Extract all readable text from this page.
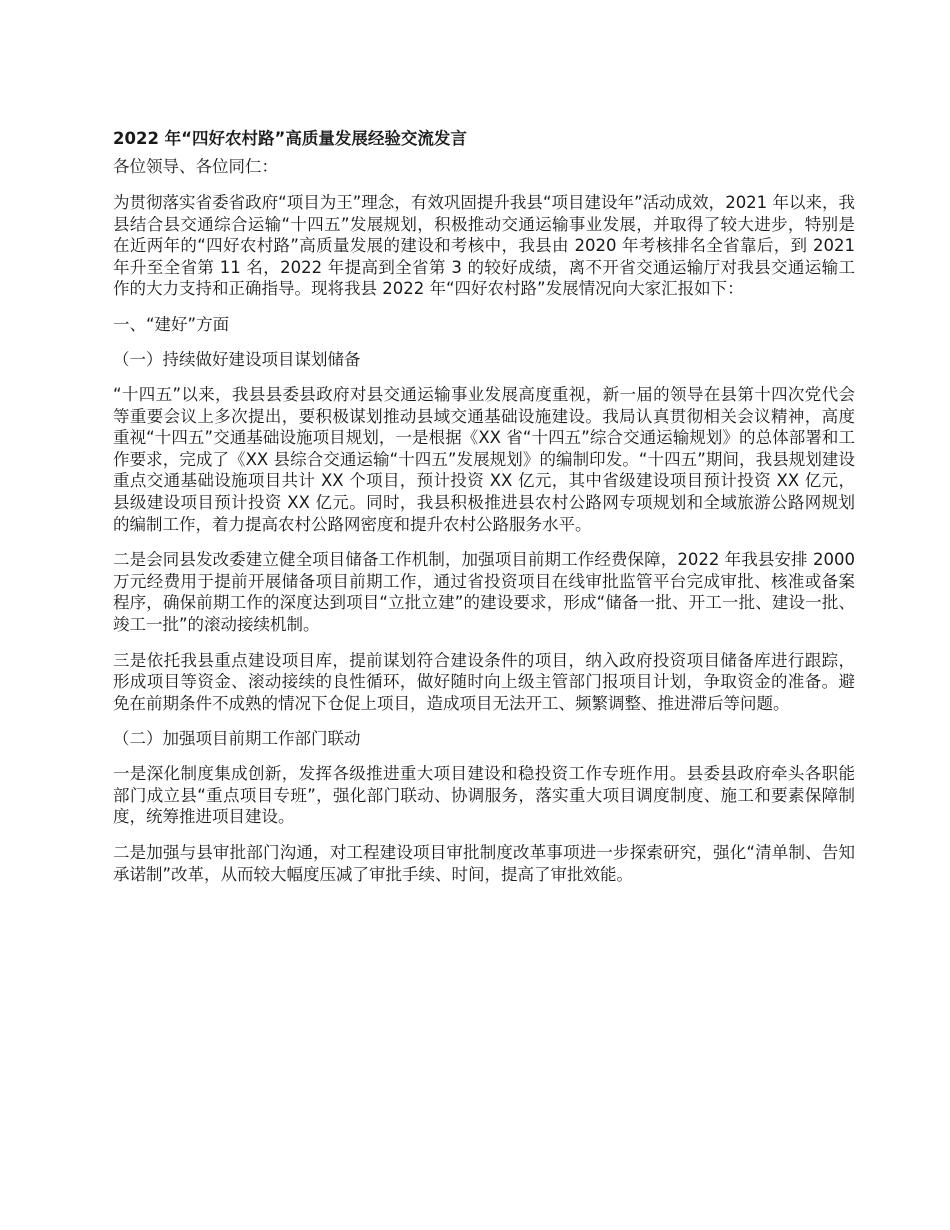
2022 年“四好农村路”高质量发展经验交流发言
各位领导、各位同仁：
为贯彻落实省委省政府“项目为王”理念，有效巩固提升我县“项目建设年”活动成效，2021 年以来，我县结合县交通综合运输“十四五”发展规划，积极推动交通运输事业发展，并取得了较大进步，特别是在近两年的“四好农村路”高质量发展的建设和考核中，我县由 2020 年考核排名全省靠后，到 2021 年升至全省第 11 名，2022 年提高到全省第 3 的较好成绩，离不开省交通运输厅对我县交通运输工作的大力支持和正确指导。现将我县 2022 年“四好农村路”发展情况向大家汇报如下：
一、“建好”方面
（一）持续做好建设项目谋划储备
“十四五”以来，我县县委县政府对县交通运输事业发展高度重视，新一届的领导在县第十四次党代会等重要会议上多次提出，要积极谋划推动县域交通基础设施建设。我局认真贯彻相关会议精神，高度重视“十四五”交通基础设施项目规划，一是根据《XX 省“十四五”综合交通运输规划》的总体部署和工作要求，完成了《XX 县综合交通运输“十四五”发展规划》的编制印发。“十四五”期间，我县规划建设重点交通基础设施项目共计 XX 个项目，预计投资 XX 亿元，其中省级建设项目预计投资 XX 亿元，县级建设项目预计投资 XX 亿元。同时，我县积极推进县农村公路网专项规划和全域旅游公路网规划的编制工作，着力提高农村公路网密度和提升农村公路服务水平。
二是会同县发改委建立健全项目储备工作机制，加强项目前期工作经费保障，2022 年我县安排 2000 万元经费用于提前开展储备项目前期工作，通过省投资项目在线审批监管平台完成审批、核准或备案程序，确保前期工作的深度达到项目“立批立建”的建设要求，形成“储备一批、开工一批、建设一批、竣工一批”的滚动接续机制。
三是依托我县重点建设项目库，提前谋划符合建设条件的项目，纳入政府投资项目储备库进行跟踪，形成项目等资金、滚动接续的良性循环，做好随时向上级主管部门报项目计划，争取资金的准备。避免在前期条件不成熟的情况下仓促上项目，造成项目无法开工、频繁调整、推进滞后等问题。
（二）加强项目前期工作部门联动
一是深化制度集成创新，发挥各级推进重大项目建设和稳投资工作专班作用。县委县政府牵头各职能部门成立县“重点项目专班”，强化部门联动、协调服务，落实重大项目调度制度、施工和要素保障制度，统筹推进项目建设。
二是加强与县审批部门沟通，对工程建设项目审批制度改革事项进一步探索研究，强化“清单制、告知承诺制”改革，从而较大幅度压减了审批手续、时间，提高了审批效能。
